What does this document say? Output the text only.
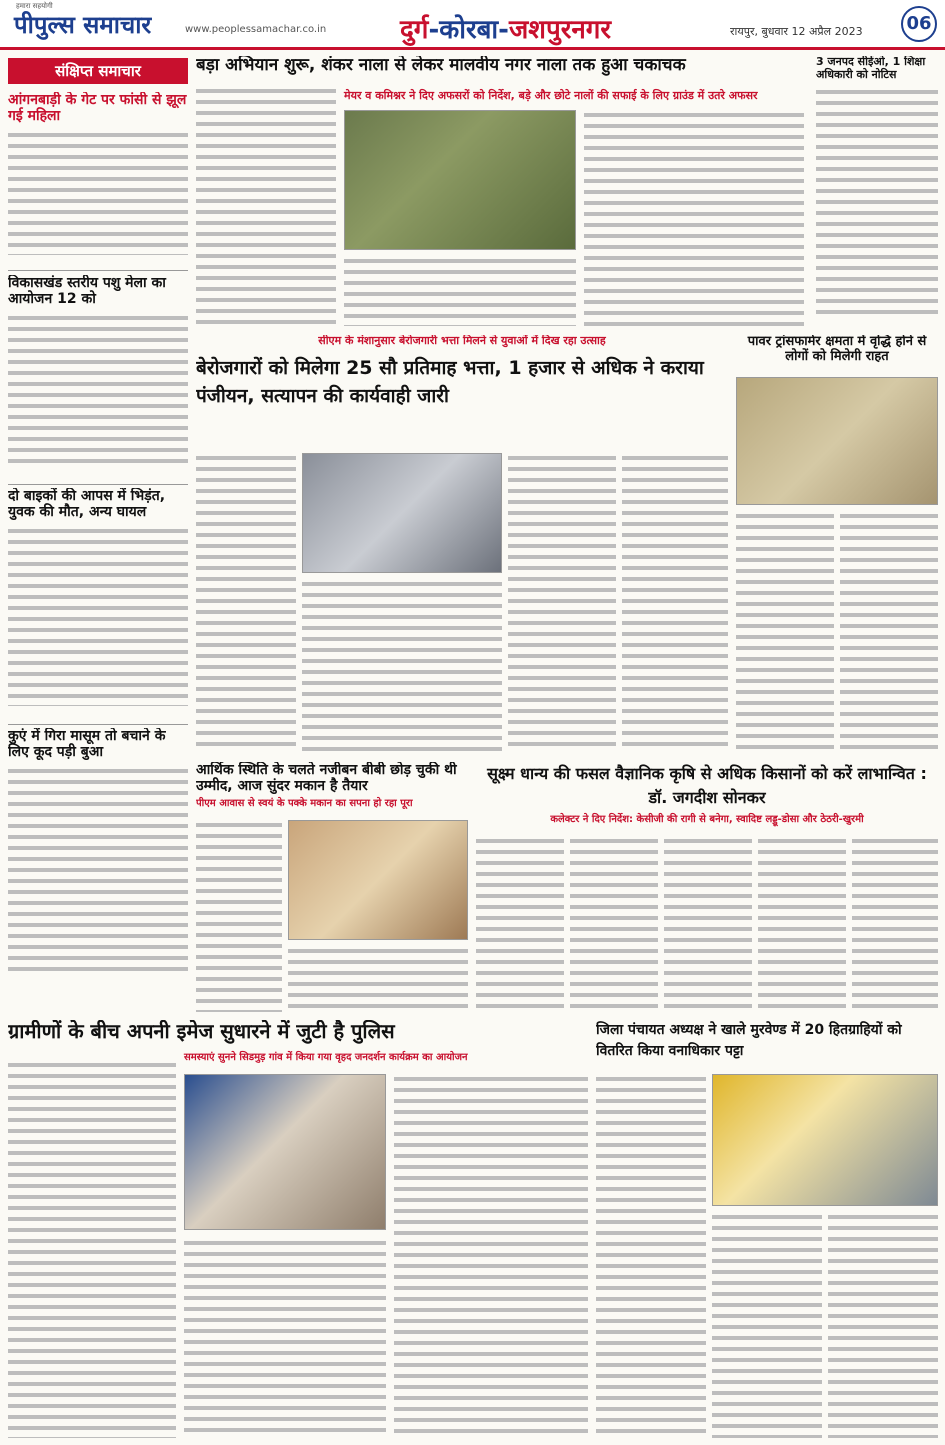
हमारा सहयोगी
पीपुल्स समाचार	www.peoplessamachar.co.in	दुर्ग-कोरबा-जशपुरनगर	रायपुर, बुधवार 12 अप्रैल 2023	06
संक्षिप्त समाचार
आंगनबाड़ी के गेट पर फांसी से झूल गई महिला
विकासखंड स्तरीय पशु मेला का आयोजन 12 को
दो बाइकों की आपस में भिड़ंत, युवक की मौत, अन्य घायल
कुएं में गिरा मासूम तो बचाने के लिए कूद पड़ी बुआ
बड़ा अभियान शुरू, शंकर नाला से लेकर मालवीय नगर नाला तक हुआ चकाचक
मेयर व कमिश्नर ने दिए अफसरों को निर्देश, बड़े और छोटे नालों की सफाई के लिए ग्राउंड में उतरे अफसर
3 जनपद सीईओ, 1 शिक्षा अधिकारी को नोटिस
सीएम के मंशानुसार बेरोजगारी भत्ता मिलने से युवाओं में दिख रहा उत्साह
बेरोजगारों को मिलेगा 25 सौ प्रतिमाह भत्ता, 1 हजार से अधिक ने कराया पंजीयन, सत्यापन की कार्यवाही जारी
पावर ट्रांसफार्मर क्षमता में वृद्धि होने से लोगों को मिलेगी राहत
आर्थिक स्थिति के चलते नजीबन बीबी छोड़ चुकी थी उम्मीद, आज सुंदर मकान है तैयार
पीएम आवास से स्वयं के पक्के मकान का सपना हो रहा पूरा
सूक्ष्म धान्य की फसल वैज्ञानिक कृषि से अधिक किसानों को करें लाभान्वित : डॉ. जगदीश सोनकर
कलेक्टर ने दिए निर्देश: केसीजी की रागी से बनेगा, स्वादिष्ट लड्डू-डोसा और ठेठरी-खुरमी
ग्रामीणों के बीच अपनी इमेज सुधारने में जुटी है पुलिस
समस्याएं सुनने सिडमुड़ गांव में किया गया वृहद जनदर्शन कार्यक्रम का आयोजन
जिला पंचायत अध्यक्ष ने खाले मुरवेण्ड में 20 हितग्राहियों को वितरित किया वनाधिकार पट्टा
